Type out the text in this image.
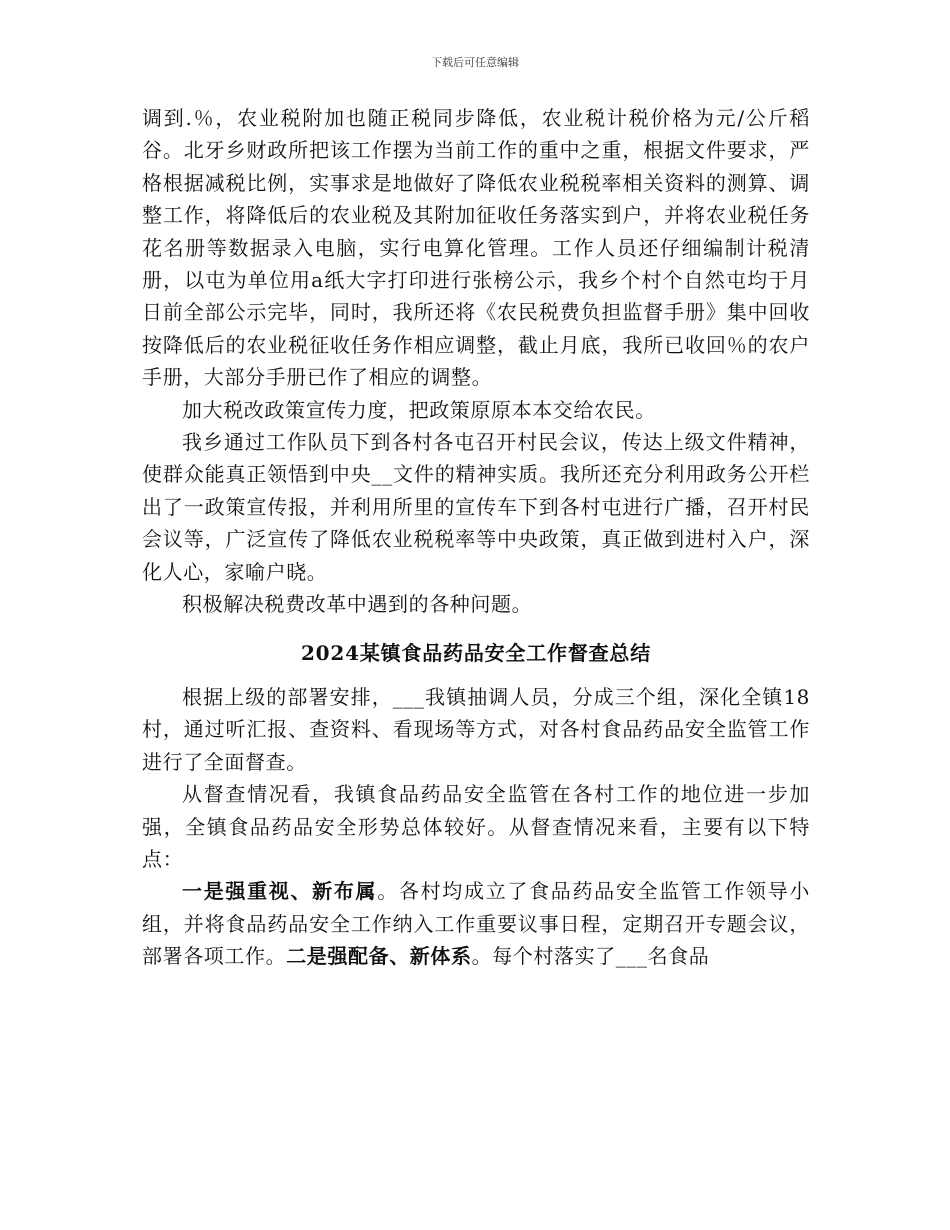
下载后可任意编辑

调到.％，农业税附加也随正税同步降低，农业税计税价格为元/公斤稻谷。北牙乡财政所把该工作摆为当前工作的重中之重，根据文件要求，严格根据减税比例，实事求是地做好了降低农业税税率相关资料的测算、调整工作，将降低后的农业税及其附加征收任务落实到户，并将农业税任务花名册等数据录入电脑，实行电算化管理。工作人员还仔细编制计税清册，以屯为单位用a纸大字打印进行张榜公示，我乡个村个自然屯均于月日前全部公示完毕，同时，我所还将《农民税费负担监督手册》集中回收按降低后的农业税征收任务作相应调整，截止月底，我所已收回％的农户手册，大部分手册已作了相应的调整。

加大税改政策宣传力度，把政策原原本本交给农民。

我乡通过工作队员下到各村各屯召开村民会议，传达上级文件精神，使群众能真正领悟到中央__文件的精神实质。我所还充分利用政务公开栏出了一政策宣传报，并利用所里的宣传车下到各村屯进行广播，召开村民会议等，广泛宣传了降低农业税税率等中央政策，真正做到进村入户，深化人心，家喻户晓。

积极解决税费改革中遇到的各种问题。

2024某镇食品药品安全工作督查总结

根据上级的部署安排，___我镇抽调人员，分成三个组，深化全镇18村，通过听汇报、查资料、看现场等方式，对各村食品药品安全监管工作进行了全面督查。

从督查情况看，我镇食品药品安全监管在各村工作的地位进一步加强，全镇食品药品安全形势总体较好。从督查情况来看，主要有以下特点：

一是强重视、新布属。各村均成立了食品药品安全监管工作领导小组，并将食品药品安全工作纳入工作重要议事日程，定期召开专题会议，部署各项工作。二是强配备、新体系。每个村落实了___名食品
